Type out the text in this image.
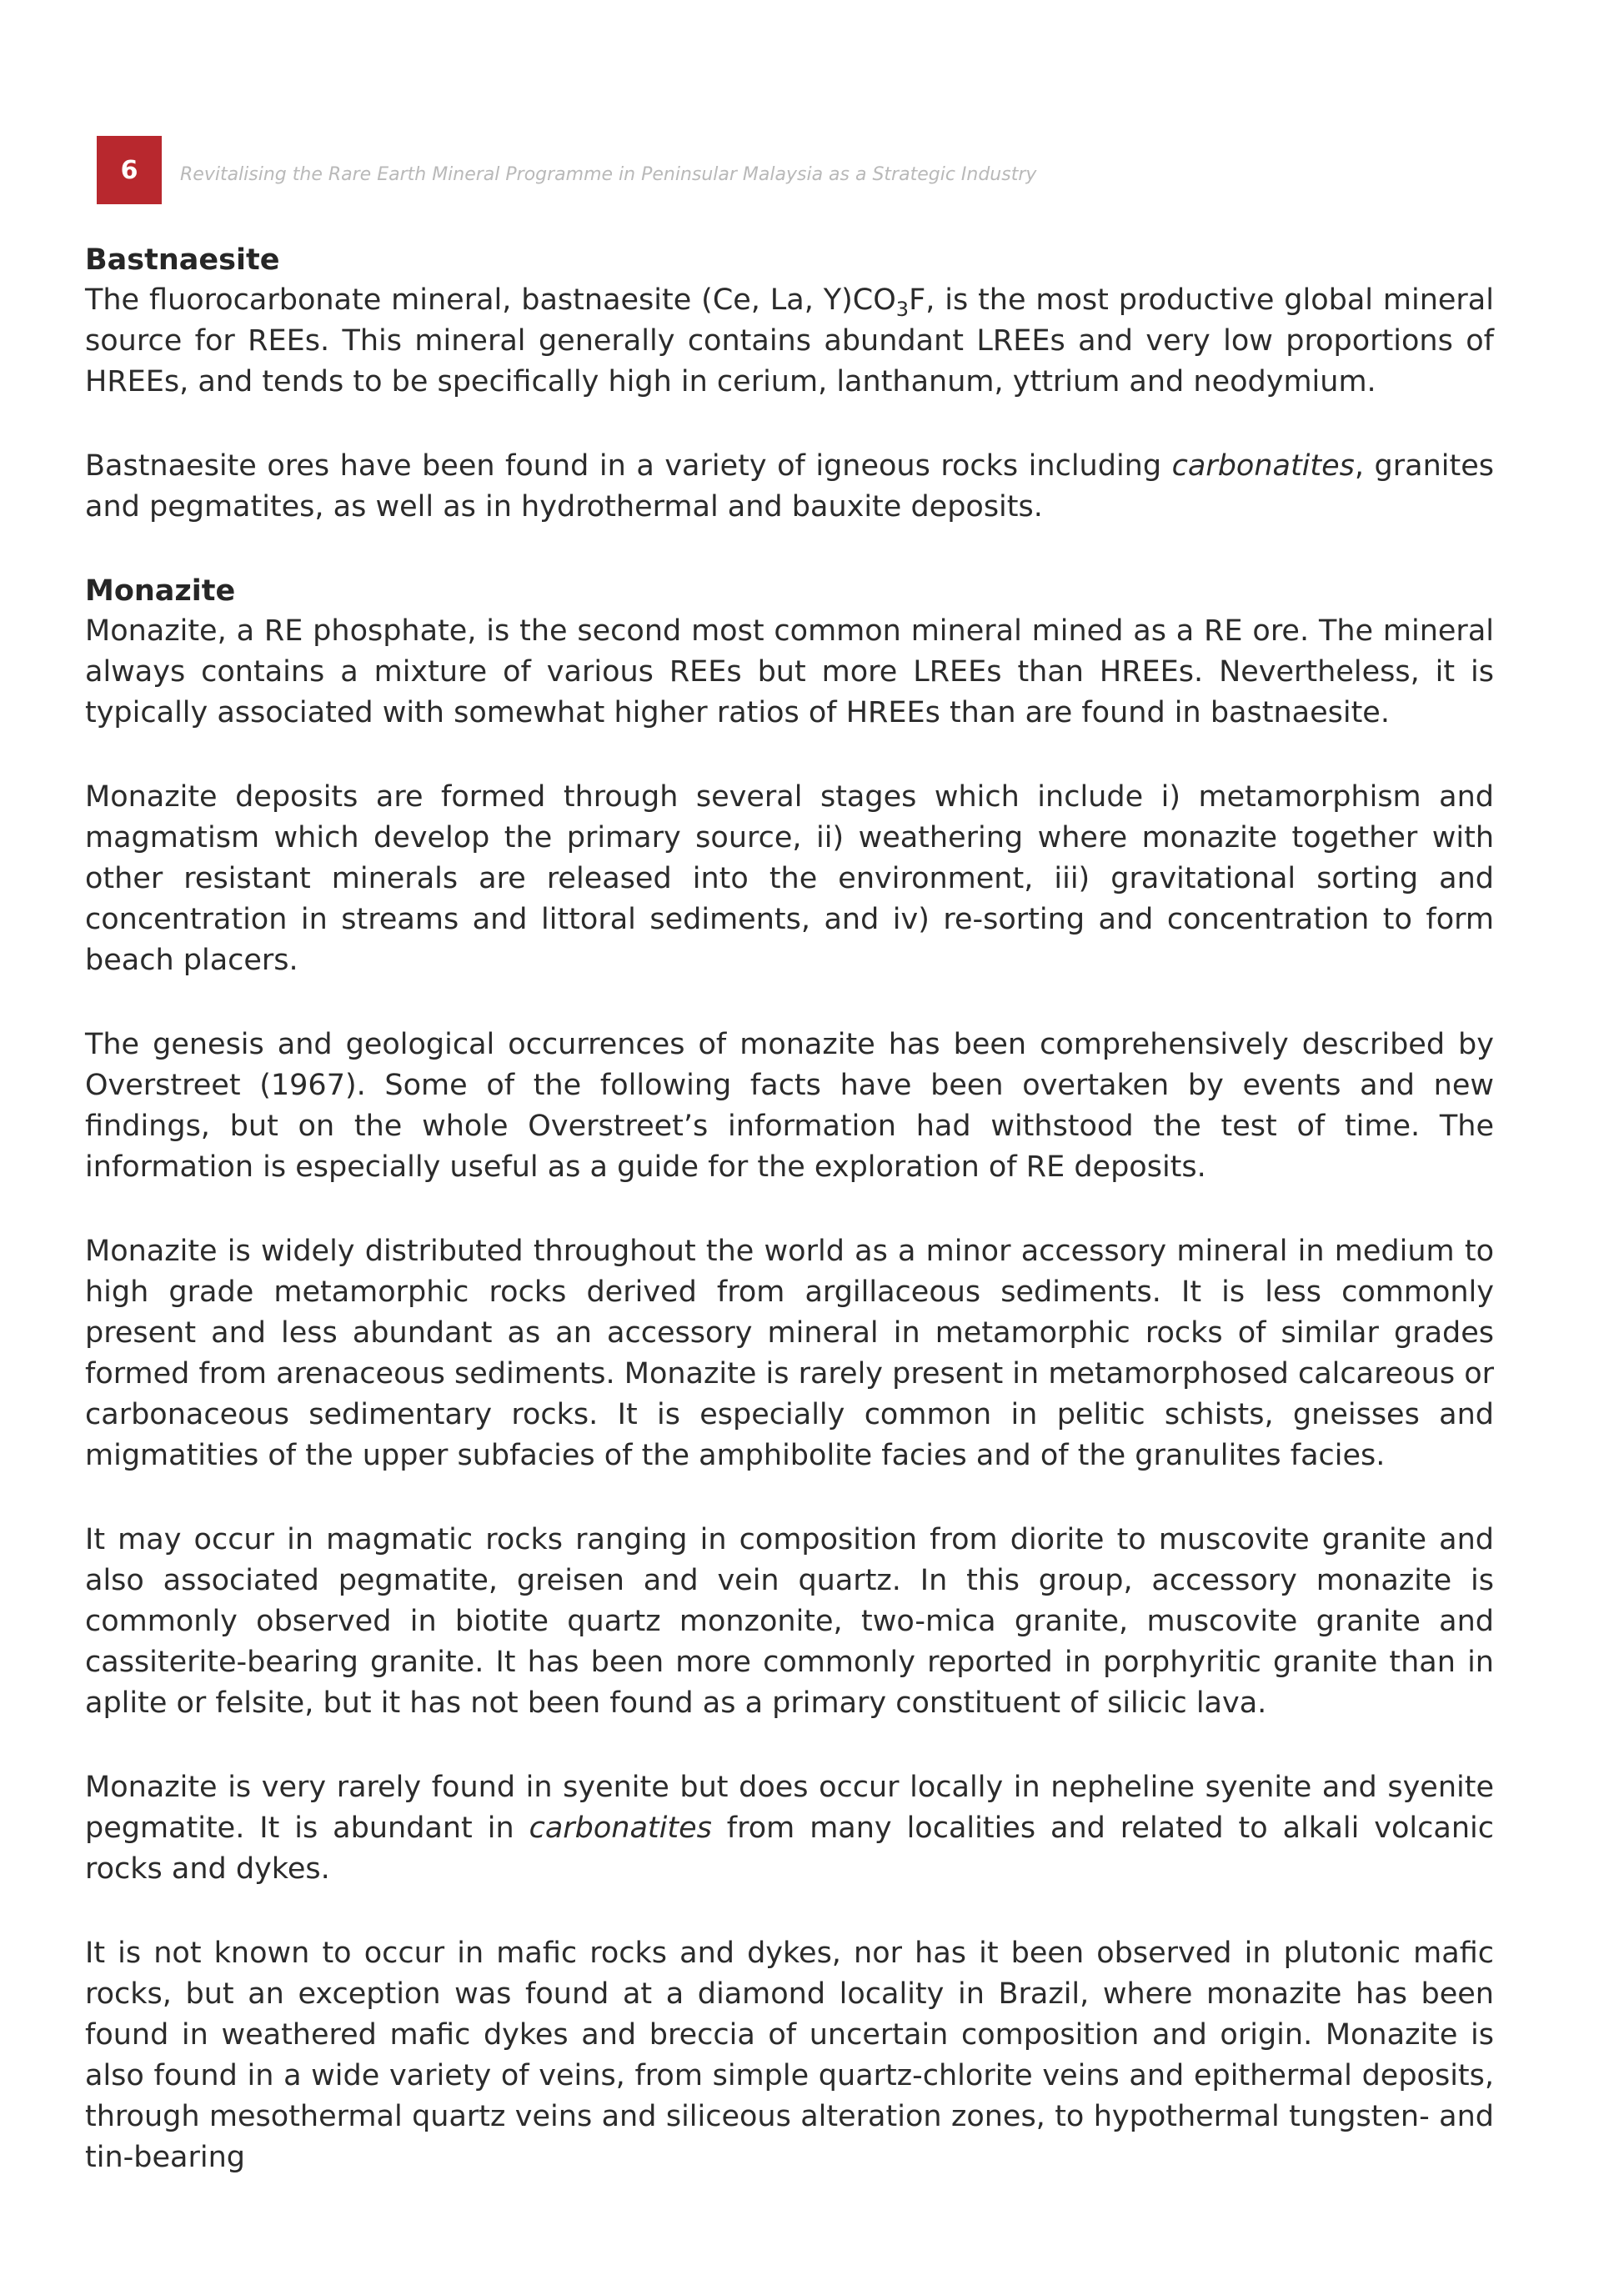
6	Revitalising the Rare Earth Mineral Programme in Peninsular Malaysia as a Strategic Industry
Bastnaesite

The fluorocarbonate mineral, bastnaesite (Ce, La, $Y)CO_3F$, is the most productive global mineral source for REEs. This mineral generally contains abundant LREEs and very low proportions of HREEs, and tends to be specifically high in cerium, lanthanum, yttrium and neodymium.

Bastnaesite ores have been found in a variety of igneous rocks including carbonatites, granites and pegmatites, as well as in hydrothermal and bauxite deposits.

Monazite

Monazite, a RE phosphate, is the second most common mineral mined as a RE ore. The mineral always contains a mixture of various REEs but more LREEs than HREEs. Nevertheless, it is typically associated with somewhat higher ratios of HREEs than are found in bastnaesite.

Monazite deposits are formed through several stages which include i) metamorphism and magmatism which develop the primary source, ii) weathering where monazite together with other resistant minerals are released into the environment, iii) gravitational sorting and concentration in streams and littoral sediments, and iv) re-sorting and concentration to form beach placers.

The genesis and geological occurrences of monazite has been comprehensively described by Overstreet (1967). Some of the following facts have been overtaken by events and new findings, but on the whole Overstreet’s information had withstood the test of time. The information is especially useful as a guide for the exploration of RE deposits.

Monazite is widely distributed throughout the world as a minor accessory mineral in medium to high grade metamorphic rocks derived from argillaceous sediments. It is less commonly present and less abundant as an accessory mineral in metamorphic rocks of similar grades formed from arenaceous sediments. Monazite is rarely present in metamorphosed calcareous or carbonaceous sedimentary rocks. It is especially common in pelitic schists, gneisses and migmatities of the upper subfacies of the amphibolite facies and of the granulites facies.

It may occur in magmatic rocks ranging in composition from diorite to muscovite granite and also associated pegmatite, greisen and vein quartz. In this group, accessory monazite is commonly observed in biotite quartz monzonite, two-mica granite, muscovite granite and cassiterite-bearing granite. It has been more commonly reported in porphyritic granite than in aplite or felsite, but it has not been found as a primary constituent of silicic lava.

Monazite is very rarely found in syenite but does occur locally in nepheline syenite and syenite pegmatite. It is abundant in carbonatites from many localities and related to alkali volcanic rocks and dykes.

It is not known to occur in mafic rocks and dykes, nor has it been observed in plutonic mafic rocks, but an exception was found at a diamond locality in Brazil, where monazite has been found in weathered mafic dykes and breccia of uncertain composition and origin. Monazite is also found in a wide variety of veins, from simple quartz-chlorite veins and epithermal deposits, through mesothermal quartz veins and siliceous alteration zones, to hypothermal tungsten- and tin-bearing
